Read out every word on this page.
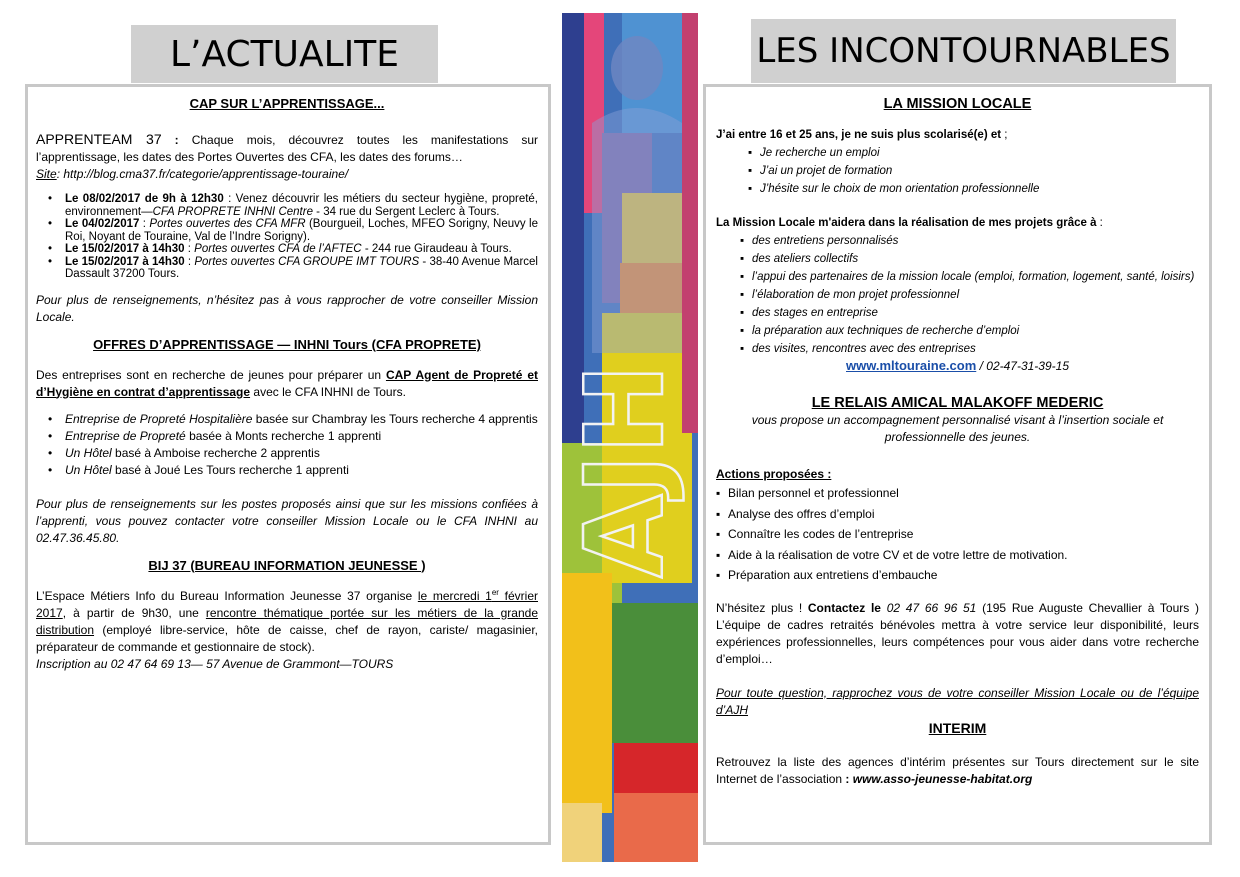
L’ACTUALITE	LES INCONTOURNABLES
CAP SUR L’APPRENTISSAGE...

APPRENTEAM 37 : Chaque mois, découvrez toutes les manifestations sur l’apprentissage, les dates des Portes Ouvertes des CFA, les dates des forums…

Site: http://blog.cma37.fr/categorie/apprentissage-touraine/

• Le 08/02/2017 de 9h à 12h30 : Venez découvrir les métiers du secteur hygiène, propreté, environnement—CFA PROPRETE INHNI Centre - 34 rue du Sergent Leclerc à Tours.
• Le 04/02/2017 : Portes ouvertes des CFA MFR (Bourgueil, Loches, MFEO Sorigny, Neuvy le Roi, Noyant de Touraine, Val de l’Indre Sorigny).
• Le 15/02/2017 à 14h30 : Portes ouvertes CFA de l’AFTEC - 244 rue Giraudeau à Tours.
• Le 15/02/2017 à 14h30 : Portes ouvertes CFA GROUPE IMT TOURS - 38-40 Avenue Marcel Dassault 37200 Tours.

Pour plus de renseignements, n’hésitez pas à vous rapprocher de votre conseiller Mission Locale.

OFFRES D’APPRENTISSAGE — INHNI Tours (CFA PROPRETE)

Des entreprises sont en recherche de jeunes pour préparer un CAP Agent de Propreté et d’Hygiène en contrat d’apprentissage avec le CFA INHNI de Tours.

• Entreprise de Propreté Hospitalière basée sur Chambray les Tours recherche 4 apprentis
• Entreprise de Propreté basée à Monts recherche 1 apprenti
• Un Hôtel basé à Amboise recherche 2 apprentis
• Un Hôtel basé à Joué Les Tours recherche 1 apprenti

Pour plus de renseignements sur les postes proposés ainsi que sur les missions confiées à l’apprenti, vous pouvez contacter votre conseiller Mission Locale ou le CFA INHNI au 02.47.36.45.80.

BIJ 37 (BUREAU INFORMATION JEUNESSE )

L’Espace Métiers Info du Bureau Information Jeunesse 37 organise le mercredi 1er février 2017, à partir de 9h30, une rencontre thématique portée sur les métiers de la grande distribution (employé libre-service, hôte de caisse, chef de rayon, cariste/ magasinier, préparateur de commande et gestionnaire de stock).

Inscription au 02 47 64 69 13— 57 Avenue de Grammont—TOURS

AJH
LA MISSION LOCALE

J’ai entre 16 et 25 ans, je ne suis plus scolarisé(e) et ;

▪ Je recherche un emploi
▪ J’ai un projet de formation
▪ J’hésite sur le choix de mon orientation professionnelle

La Mission Locale m'aidera dans la réalisation de mes projets grâce à :

▪ des entretiens personnalisés
▪ des ateliers collectifs
▪ l’appui des partenaires de la mission locale (emploi, formation, logement, santé, loisirs)
▪ l’élaboration de mon projet professionnel
▪ des stages en entreprise
▪ la préparation aux techniques de recherche d’emploi
▪ des visites, rencontres avec des entreprises

www.mltouraine.com / 02-47-31-39-15

LE RELAIS AMICAL MALAKOFF MEDERIC

vous propose un accompagnement personnalisé visant à l’insertion sociale et professionnelle des jeunes.

Actions proposées :

▪ Bilan personnel et professionnel
▪ Analyse des offres d’emploi
▪ Connaître les codes de l’entreprise
▪ Aide à la réalisation de votre CV et de votre lettre de motivation.
▪ Préparation aux entretiens d’embauche

N’hésitez plus ! Contactez le 02 47 66 96 51 (195 Rue Auguste Chevallier à Tours ) L’équipe de cadres retraités bénévoles mettra à votre service leur disponibilité, leurs expériences professionnelles, leurs compétences pour vous aider dans votre recherche d’emploi…

Pour toute question, rapprochez vous de votre conseiller Mission Locale ou de l’équipe d’AJH

INTERIM

Retrouvez la liste des agences d’intérim présentes sur Tours directement sur le site Internet de l’association : www.asso-jeunesse-habitat.org
